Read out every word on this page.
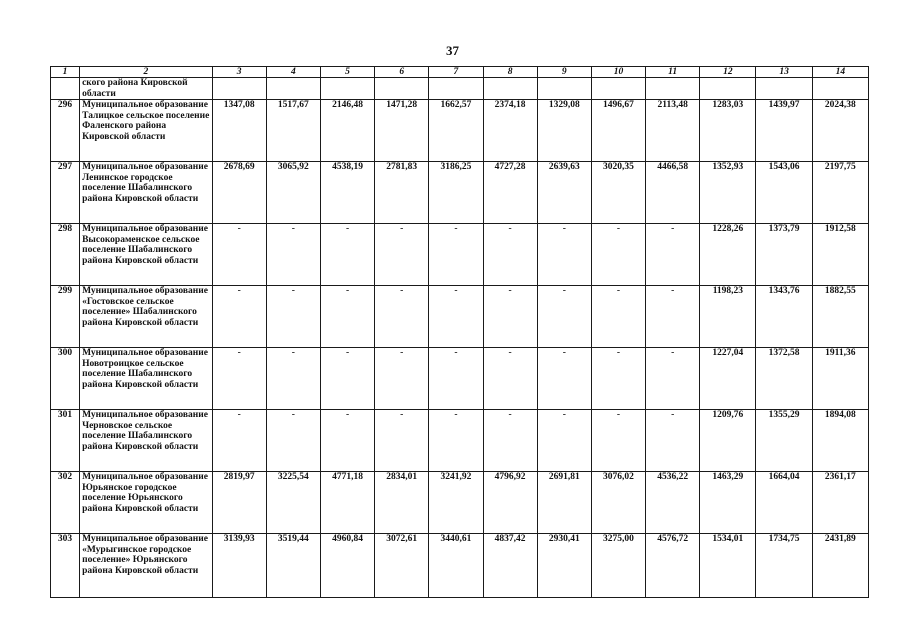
37
1	2	3	4	5	6	7	8	9	10	11	12	13	14
	ского района Кировской области												
296	Муниципальное образование Талицкое сельское поселение Фаленского района Кировской области	1347,08	1517,67	2146,48	1471,28	1662,57	2374,18	1329,08	1496,67	2113,48	1283,03	1439,97	2024,38
297	Муниципальное образование Ленинское городское поселение Шабалинского района Кировской области	2678,69	3065,92	4538,19	2781,83	3186,25	4727,28	2639,63	3020,35	4466,58	1352,93	1543,06	2197,75
298	Муниципальное образование Высокораменское сельское поселение Шабалинского района Кировской области	-	-	-	-	-	-	-	-	-	1228,26	1373,79	1912,58
299	Муниципальное образование «Гостовское сельское поселение» Шабалинского района Кировской области	-	-	-	-	-	-	-	-	-	1198,23	1343,76	1882,55
300	Муниципальное образование Новотроицкое сельское поселение Шабалинского района Кировской области	-	-	-	-	-	-	-	-	-	1227,04	1372,58	1911,36
301	Муниципальное образование Черновское сельское поселение Шабалинского района Кировской области	-	-	-	-	-	-	-	-	-	1209,76	1355,29	1894,08
302	Муниципальное образование Юрьянское городское поселение Юрьянского района Кировской области	2819,97	3225,54	4771,18	2834,01	3241,92	4796,92	2691,81	3076,02	4536,22	1463,29	1664,04	2361,17
303	Муниципальное образование «Мурыгинское городское поселение» Юрьянского района Кировской области	3139,93	3519,44	4960,84	3072,61	3440,61	4837,42	2930,41	3275,00	4576,72	1534,01	1734,75	2431,89
